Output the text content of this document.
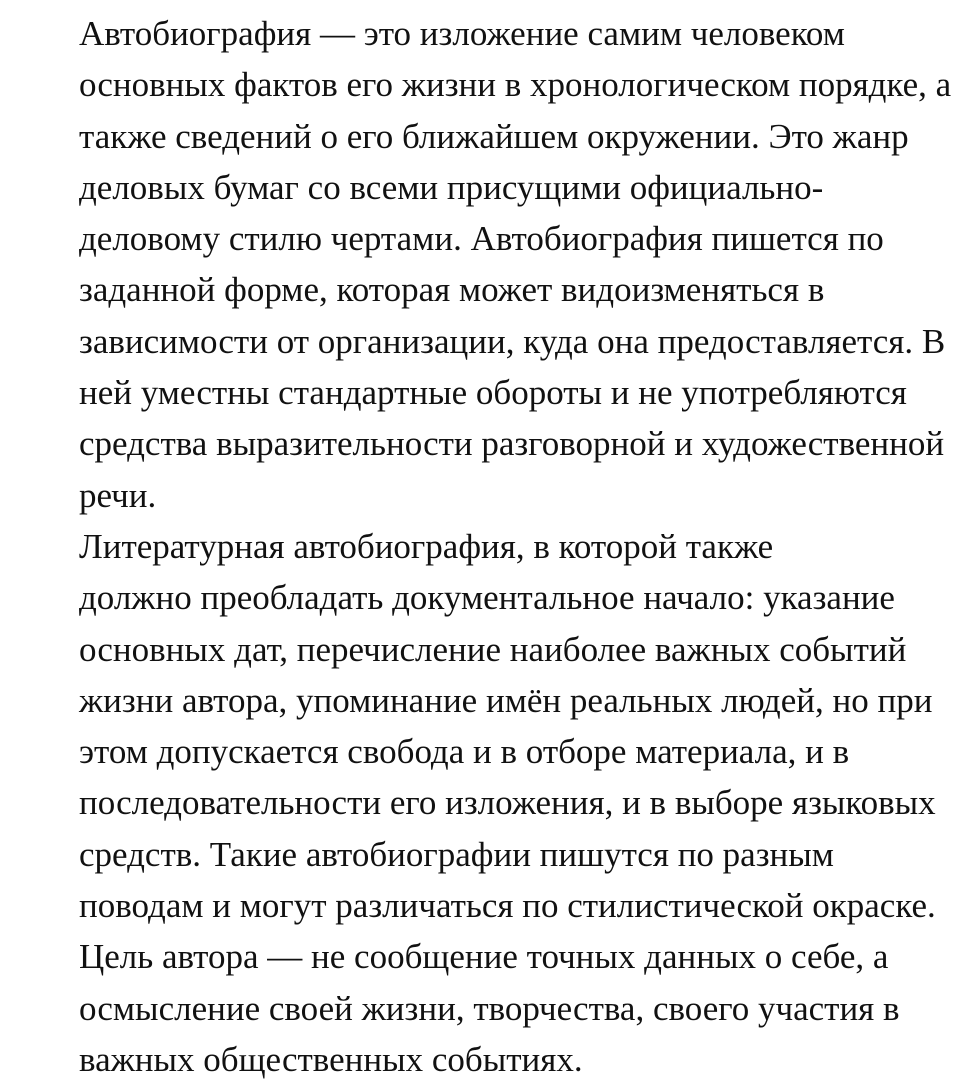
Автобиография — это изложение самим человеком
основных фактов его жизни в хронологическом порядке, а
также сведений о его ближайшем окружении. Это жанр
деловых бумаг со всеми присущими официально-
деловому стилю чертами. Автобиография пишется по
заданной форме, которая может видоизменяться в
зависимости от организации, куда она предоставляется. В
ней уместны стандартные обороты и не употребляются
средства выразительности разговорной и художественной
речи.

Литературная автобиография, в которой также
должно преобладать документальное начало: указание
основных дат, перечисление наиболее важных событий
жизни автора, упоминание имён реальных людей, но при
этом допускается свобода и в отборе материала, и в
последовательности его изложения, и в выборе языковых
средств. Такие автобиографии пишутся по разным
поводам и могут различаться по стилистической окраске.
Цель автора — не сообщение точных данных о себе, а
осмысление своей жизни, творчества, своего участия в
важных общественных событиях.
